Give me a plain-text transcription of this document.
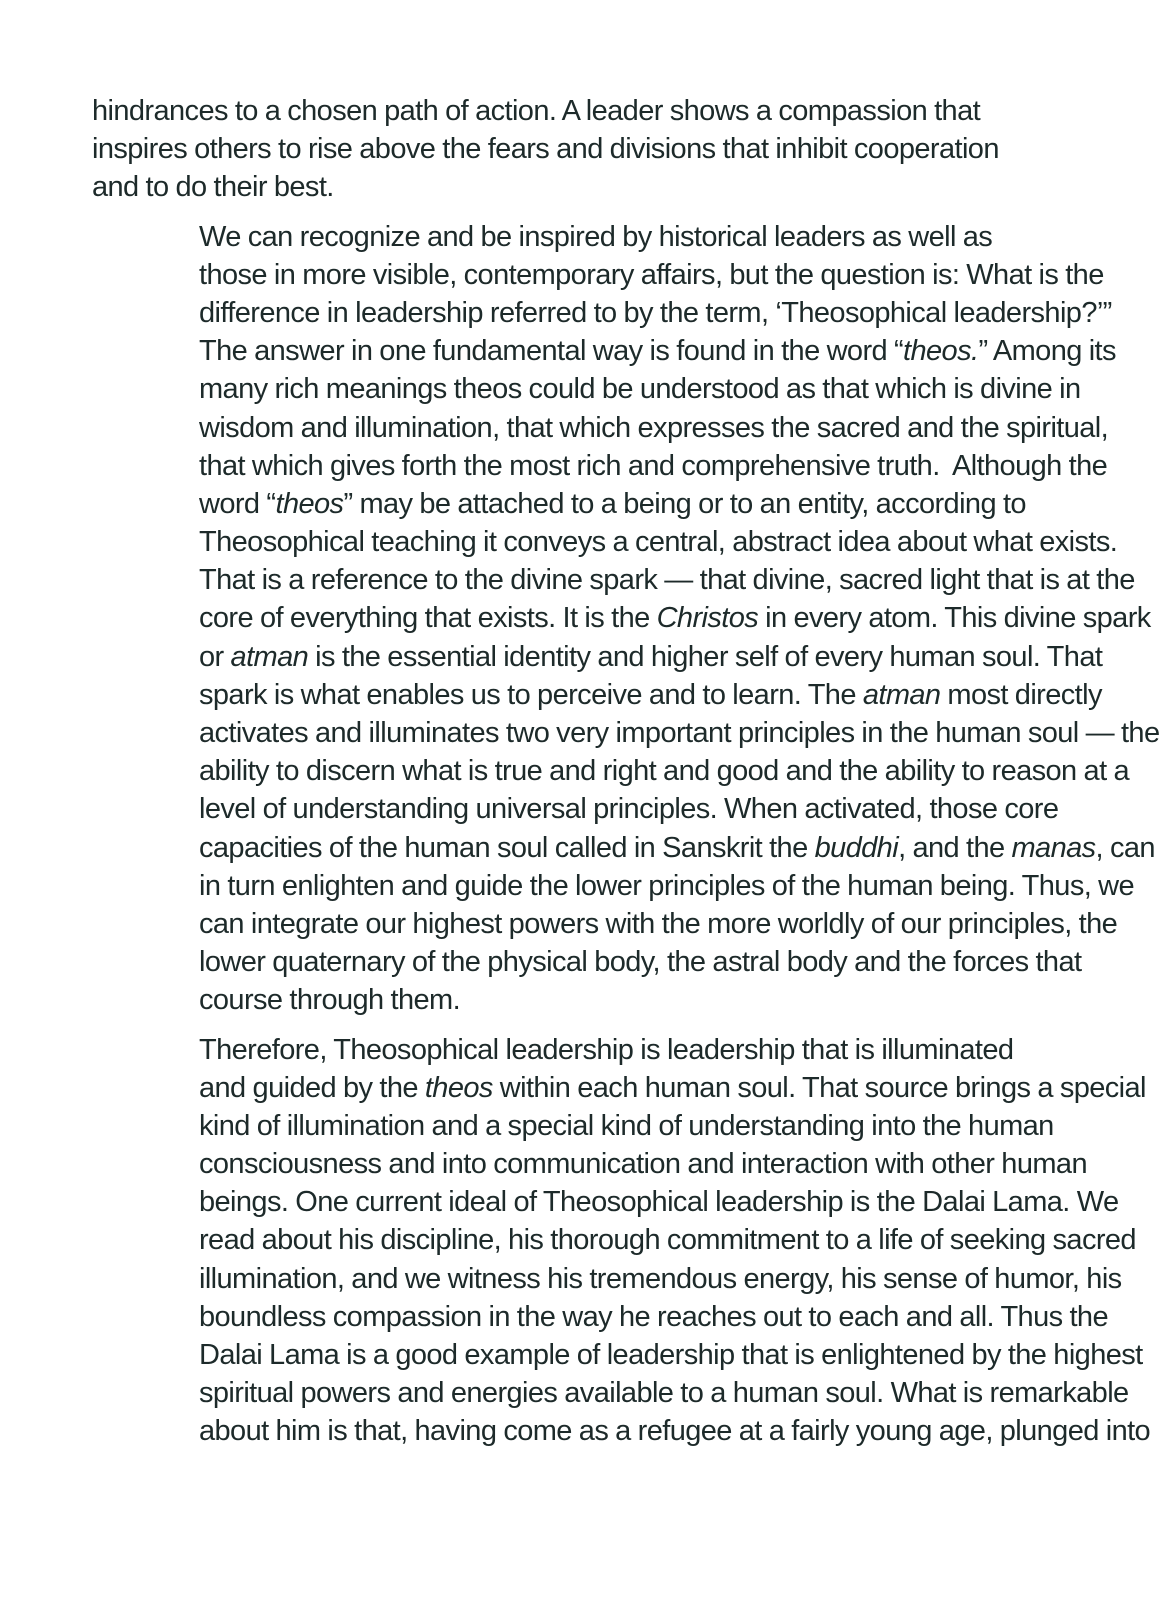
hindrances to a chosen path of action. A leader shows a compassion that
inspires others to rise above the fears and divisions that inhibit cooperation
and to do their best.
We can recognize and be inspired by historical leaders as well as
those in more visible, contemporary affairs, but the question is: What is the
difference in leadership referred to by the term, ‘Theosophical leadership?’”
The answer in one fundamental way is found in the word “theos.” Among its
many rich meanings theos could be understood as that which is divine in
wisdom and illumination, that which expresses the sacred and the spiritual,
that which gives forth the most rich and comprehensive truth.  Although the
word “theos” may be attached to a being or to an entity, according to
Theosophical teaching it conveys a central, abstract idea about what exists.
That is a reference to the divine spark — that divine, sacred light that is at the
core of everything that exists. It is the Christos in every atom. This divine spark
or atman is the essential identity and higher self of every human soul. That
spark is what enables us to perceive and to learn. The atman most directly
activates and illuminates two very important principles in the human soul — the
ability to discern what is true and right and good and the ability to reason at a
level of understanding universal principles. When activated, those core
capacities of the human soul called in Sanskrit the buddhi, and the manas, can
in turn enlighten and guide the lower principles of the human being. Thus, we
can integrate our highest powers with the more worldly of our principles, the
lower quaternary of the physical body, the astral body and the forces that
course through them.
Therefore, Theosophical leadership is leadership that is illuminated
and guided by the theos within each human soul. That source brings a special
kind of illumination and a special kind of understanding into the human
consciousness and into communication and interaction with other human
beings. One current ideal of Theosophical leadership is the Dalai Lama. We
read about his discipline, his thorough commitment to a life of seeking sacred
illumination, and we witness his tremendous energy, his sense of humor, his
boundless compassion in the way he reaches out to each and all. Thus the
Dalai Lama is a good example of leadership that is enlightened by the highest
spiritual powers and energies available to a human soul. What is remarkable
about him is that, having come as a refugee at a fairly young age, plunged into
